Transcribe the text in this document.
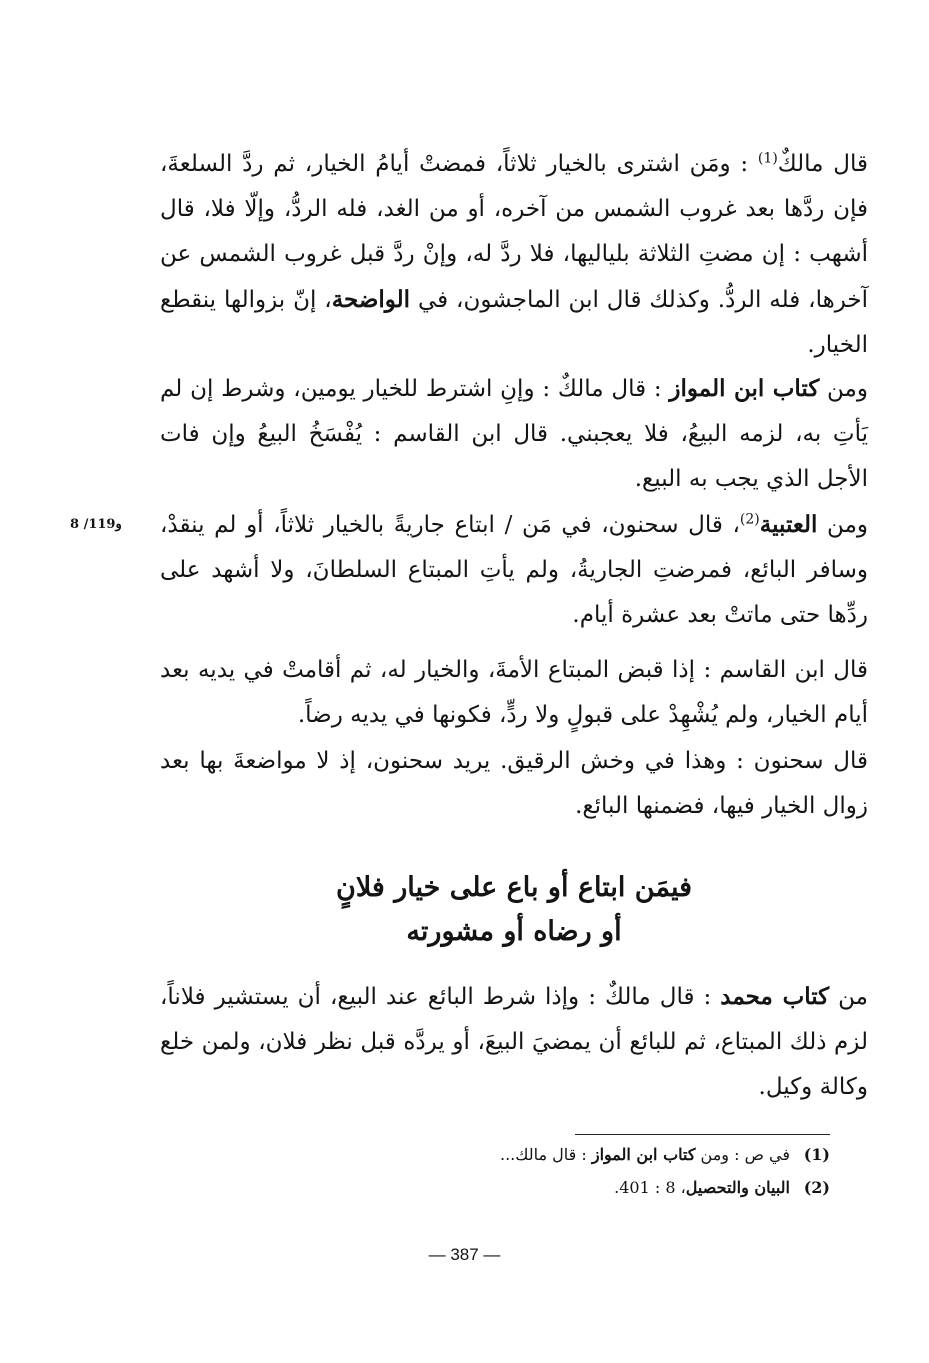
قال مالكٌ$^{(1)}$ : ومَن اشترى بالخيار ثلاثاً، فمضتْ أيامُ الخيار، ثم ردَّ السلعةَ، فإن ردَّها بعد غروب الشمس من آخره، أو من الغد، فله الردُّ، وإلّا فلا، قال أشهب : إن مضتِ الثلاثة بلياليها، فلا ردَّ له، وإنْ ردَّ قبل غروب الشمس عن آخرها، فله الردُّ. وكذلك قال ابن الماجشون، في الواضحة، إنّ بزوالها ينقطع الخيار.
ومن كتاب ابن المواز : قال مالكٌ : وإنِ اشترط للخيار يومين، وشرط إن لم يَأتِ به، لزمه البيعُ، فلا يعجبني. قال ابن القاسم : يُفْسَخُ البيعُ وإن فات الأجل الذي يجب به البيع.
8 /119و	ومن العتبية$^{(2)}$، قال سحنون، في مَن / ابتاع جاريةً بالخيار ثلاثاً، أو لم ينقدْ، وسافر البائع، فمرضتِ الجاريةُ، ولم يأتِ المبتاع السلطانَ، ولا أشهد على ردِّها حتى ماتتْ بعد عشرة أيام.
قال ابن القاسم : إذا قبض المبتاع الأمةَ، والخيار له، ثم أقامتْ في يديه بعد أيام الخيار، ولم يُشْهِدْ على قبولٍ ولا ردٍّ، فكونها في يديه رضاً.
قال سحنون : وهذا في وخش الرقيق. يريد سحنون، إذ لا مواضعةَ بها بعد زوال الخيار فيها، فضمنها البائع.
فيمَن ابتاع أو باع على خيار فلانٍ
أو رضاه أو مشورته
من كتاب محمد : قال مالكٌ : وإذا شرط البائع عند البيع، أن يستشير فلاناً، لزم ذلك المبتاع، ثم للبائع أن يمضيَ البيعَ، أو يردَّه قبل نظر فلان، ولمن خلع وكالة وكيل.
(1)في ص : ومن كتاب ابن المواز : قال مالك...
(2)البيان والتحصيل، 8 : 401.
— 387 —
